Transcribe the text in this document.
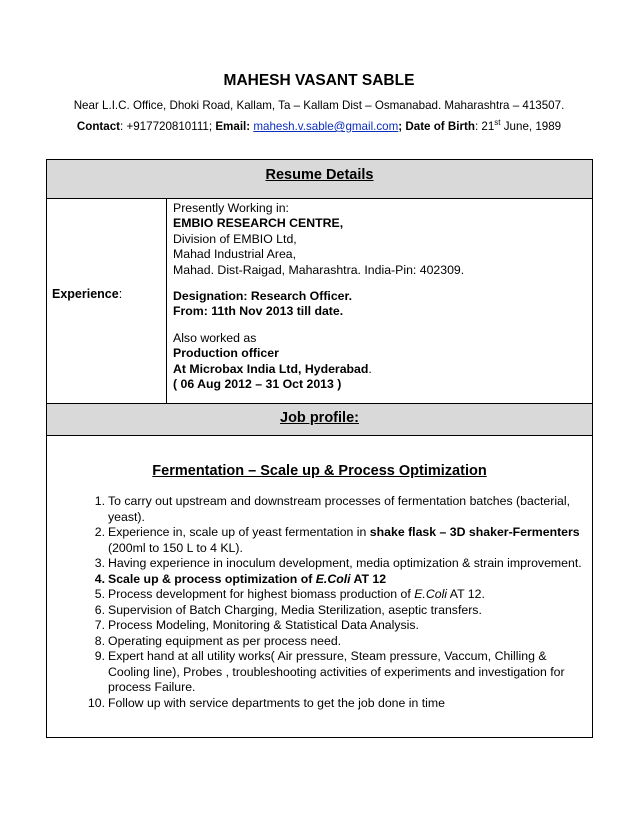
MAHESH VASANT SABLE
Near L.I.C. Office, Dhoki Road, Kallam, Ta – Kallam Dist – Osmanabad. Maharashtra – 413507.
Contact: +917720810111; Email: mahesh.v.sable@gmail.com; Date of Birth: 21st June, 1989
Resume Details
Experience:
Presently Working in:
EMBIO RESEARCH CENTRE,
Division of EMBIO Ltd,
Mahad Industrial Area,
Mahad. Dist-Raigad, Maharashtra. India-Pin: 402309.
Designation: Research Officer.
From: 11th Nov 2013 till date.
Also worked as
Production officer
At Microbax India Ltd, Hyderabad.
( 06 Aug 2012 – 31 Oct 2013 )
Job profile:
Fermentation – Scale up & Process Optimization
1. To carry out upstream and downstream processes of fermentation batches (bacterial, yeast).
2. Experience in, scale up of yeast fermentation in shake flask – 3D shaker-Fermenters (200ml to 150 L to 4 KL).
3. Having experience in inoculum development, media optimization & strain improvement.
4. Scale up & process optimization of E.Coli AT 12
5. Process development for highest biomass production of E.Coli AT 12.
6. Supervision of Batch Charging, Media Sterilization, aseptic transfers.
7. Process Modeling, Monitoring & Statistical Data Analysis.
8. Operating equipment as per process need.
9. Expert hand at all utility works( Air pressure, Steam pressure, Vaccum, Chilling & Cooling line), Probes , troubleshooting activities of experiments and investigation for process Failure.
10. Follow up with service departments to get the job done in time
